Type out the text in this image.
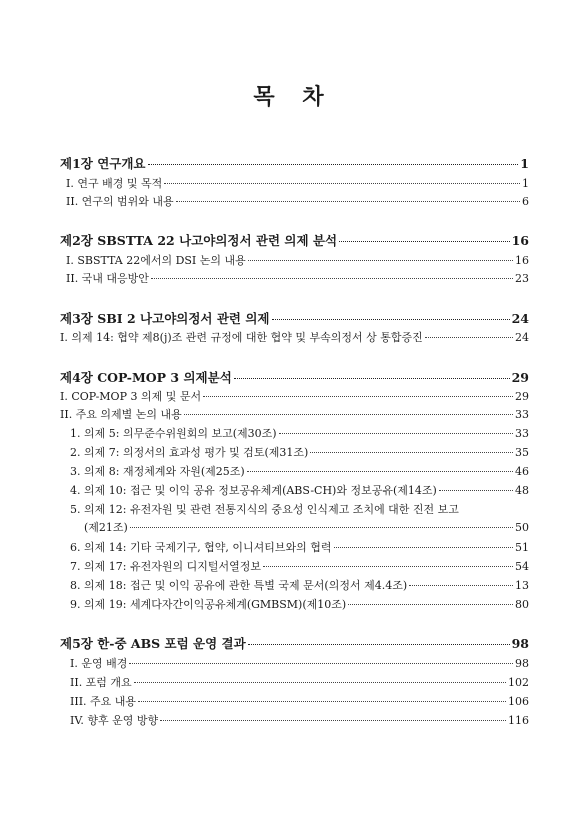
목 차
제1장 연구개요	1
I. 연구 배경 및 목적	1
II. 연구의 범위와 내용	6
제2장 SBSTTA 22 나고야의정서 관련 의제 분석	16
I. SBSTTA 22에서의 DSI 논의 내용	16
II. 국내 대응방안	23
제3장 SBI 2 나고야의정서 관련 의제	24
I. 의제 14: 협약 제8(j)조 관련 규정에 대한 협약 및 부속의정서 상 통합증진	24
제4장 COP-MOP 3 의제분석	29
I. COP-MOP 3 의제 및 문서	29
II. 주요 의제별 논의 내용	33
1. 의제 5: 의무준수위원회의 보고(제30조)	33
2. 의제 7: 의정서의 효과성 평가 및 검토(제31조)	35
3. 의제 8: 재정체계와 자원(제25조)	46
4. 의제 10: 접근 및 이익 공유 정보공유체계(ABS-CH)와 정보공유(제14조)	48
5. 의제 12: 유전자원 및 관련 전통지식의 중요성 인식제고 조치에 대한 진전 보고
(제21조)	50
6. 의제 14: 기타 국제기구, 협약, 이니셔티브와의 협력	51
7. 의제 17: 유전자원의 디지털서열정보	54
8. 의제 18: 접근 및 이익 공유에 관한 특별 국제 문서(의정서 제4.4조)	13
9. 의제 19: 세계다자간이익공유체계(GMBSM)(제10조)	80
제5장 한-중 ABS 포럼 운영 결과	98
I. 운영 배경	98
II. 포럼 개요	102
III. 주요 내용	106
IV. 향후 운영 방향	116
